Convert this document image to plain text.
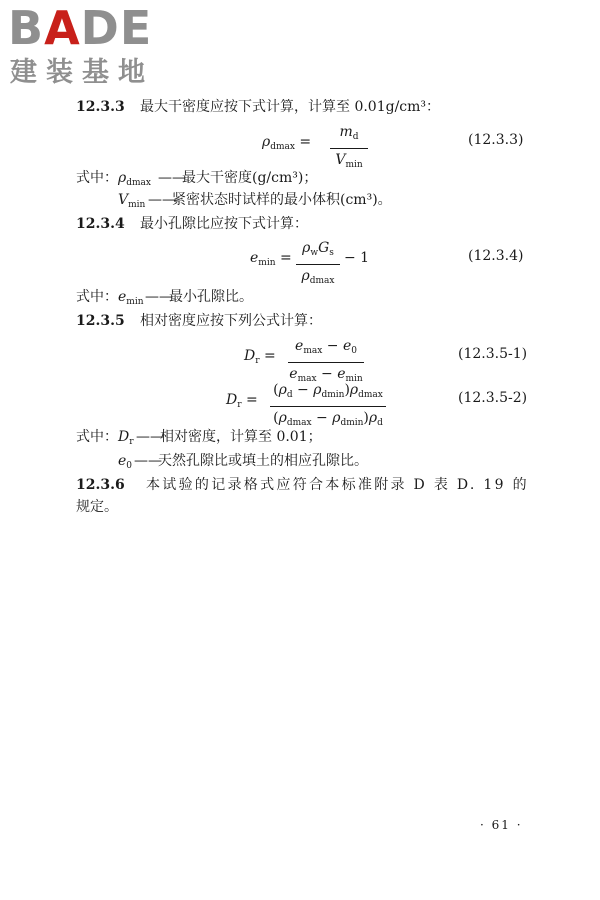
BADE
建装基地
12.3.3 最大干密度应按下式计算，计算至 0.01g/cm³：
$\rho_{dmax}$ =
$m_d$
$V_{min}$
(12.3.3)
式中： $\rho_{dmax}$ ——
最大干密度(g/cm³)；
$V_{min}$ ——
紧密状态时试样的最小体积(cm³)。
12.3.4 最小孔隙比应按下式计算：
$e_{min}$ =
$\rho_wG_s$
$\rho_{dmax}$
− 1	(12.3.4)
式中： $e_{min}$ ——
最小孔隙比。
12.3.5 相对密度应按下列公式计算：
$D_r$ =
$e_{max} - e_0$
$e_{max} - e_{min}$
(12.3.5-1)
$D_r$ =
$(\rho_d - \rho_{dmin})\rho_{dmax}$
$(\rho_{dmax} - \rho_{dmin})\rho_d$
(12.3.5-2)
式中： $D_r$ ——
相对密度，计算至 0.01；
$e_0$ ——
天然孔隙比或填土的相应孔隙比。
12.3.6 本试验的记录格式应符合本标准附录 D 表 D. 19 的
规定。
· 61 ·
